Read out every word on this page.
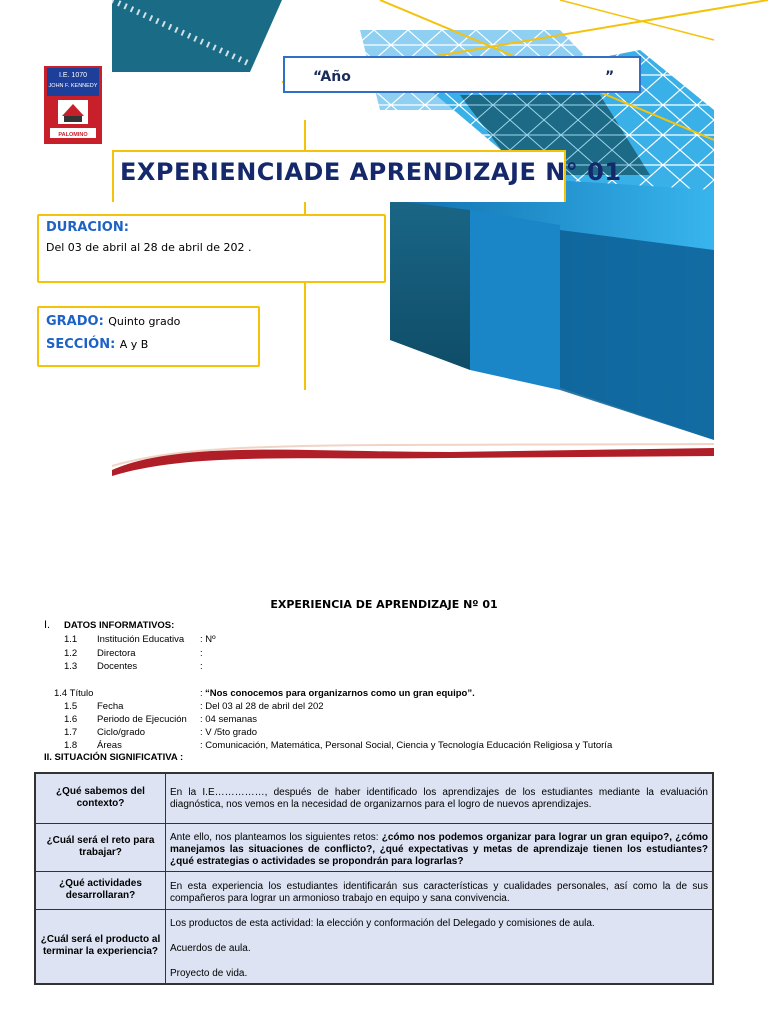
I.E. 1070
JOHN F. KENNEDY
PALOMINO
“Año	”
EXPERIENCIADE APRENDIZAJE N° 01
DURACION:
Del 03 de abril al 28 de abril de 202 .
GRADO: Quinto grado
SECCIÓN: A y B
EXPERIENCIA DE APRENDIZAJE Nº 01
I. DATOS INFORMATIVOS:
1.1 Institución Educativa : Nº
1.2 Directora	:
1.3 Docentes	:
1.4 Título	: “Nos conocemos para organizarnos como un gran equipo”.
1.5 Fecha	: Del 03 al 28 de abril del 202
1.6 Periodo de Ejecución : 04 semanas
1.7 Ciclo/grado	: V /5to grado
1.8 Áreas	: Comunicación, Matemática, Personal Social, Ciencia y Tecnología Educación Religiosa y Tutoría
II. SITUACIÓN SIGNIFICATIVA :
¿Qué sabemos del contexto?	En la I.E……………, después de haber identificado los aprendizajes de los estudiantes mediante la evaluación diagnóstica, nos vemos en la necesidad de organizarnos para el logro de nuevos aprendizajes.
¿Cuál será el reto para trabajar?	Ante ello, nos planteamos los siguientes retos: ¿cómo nos podemos organizar para lograr un gran equipo?, ¿cómo manejamos las situaciones de conflicto?, ¿qué expectativas y metas de aprendizaje tienen los estudiantes? ¿qué estrategias o actividades se propondrán para lograrlas?
¿Qué actividades desarrollaran?	En esta experiencia los estudiantes identificarán sus características y cualidades personales, así como la de sus compañeros para lograr un armonioso trabajo en equipo y sana convivencia.
¿Cuál será el producto al terminar la experiencia?	Los productos de esta actividad: la elección y conformación del Delegado y comisiones de aula.
Acuerdos de aula.
Proyecto de vida.
